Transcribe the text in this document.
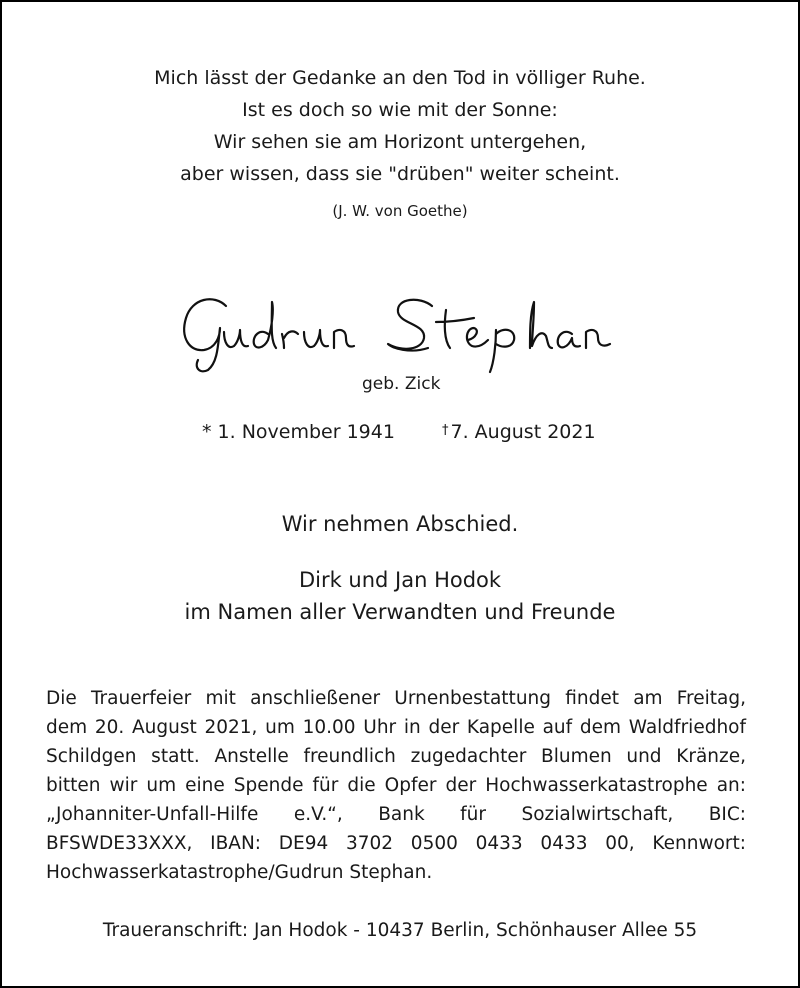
Mich lässt der Gedanke an den Tod in völliger Ruhe.
Ist es doch so wie mit der Sonne:
Wir sehen sie am Horizont untergehen,
aber wissen, dass sie "drüben" weiter scheint.
(J. W. von Goethe)
geb. Zick
* 1. November 1941	† 7. August 2021
Wir nehmen Abschied.
Dirk und Jan Hodok
im Namen aller Verwandten und Freunde
Die Trauerfeier mit anschließener Urnenbestattung findet am Freitag,
dem 20. August 2021, um 10.00 Uhr in der Kapelle auf dem Waldfriedhof
Schildgen statt. Anstelle freundlich zugedachter Blumen und Kränze,
bitten wir um eine Spende für die Opfer der Hochwasserkatastrophe an:
„Johanniter-Unfall-Hilfe e.V.“, Bank für Sozialwirtschaft, BIC:
BFSWDE33XXX, IBAN: DE94 3702 0500 0433 0433 00, Kennwort:
Hochwasserkatastrophe/Gudrun Stephan.
Traueranschrift: Jan Hodok - 10437 Berlin, Schönhauser Allee 55
